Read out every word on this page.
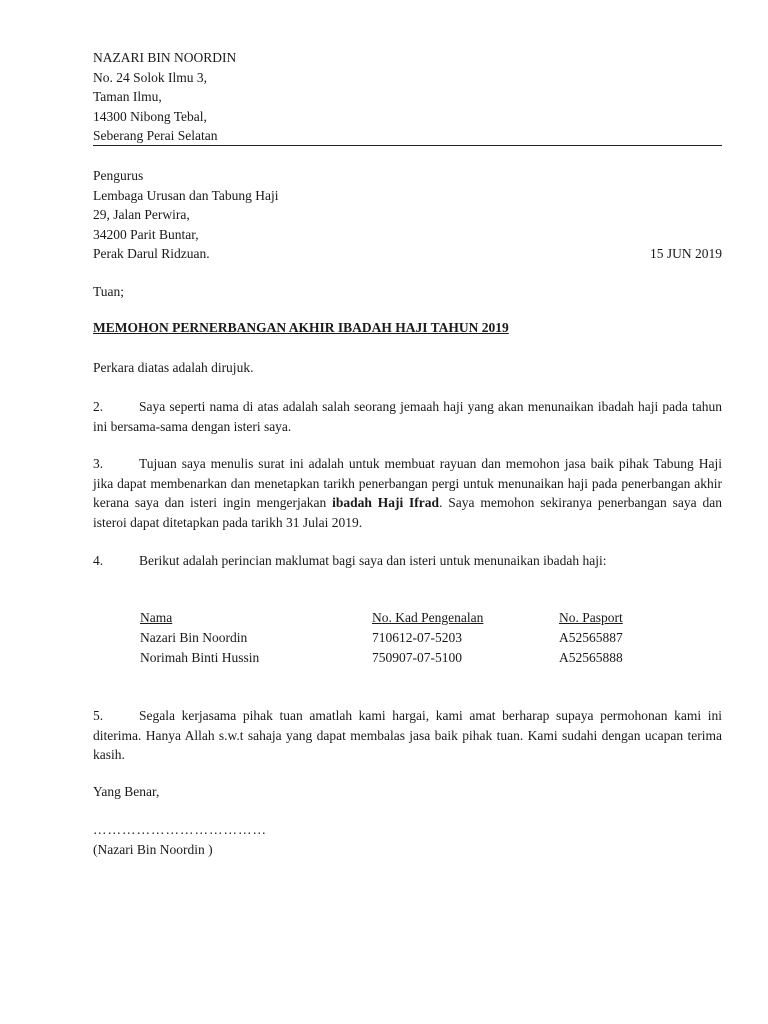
NAZARI BIN NOORDIN
No. 24 Solok Ilmu 3,
Taman Ilmu,
14300 Nibong Tebal,
Seberang Perai Selatan
Pengurus
Lembaga Urusan dan Tabung Haji
29, Jalan Perwira,
34200 Parit Buntar,
Perak Darul Ridzuan.	15 JUN 2019
Tuan;
MEMOHON PERNERBANGAN AKHIR IBADAH HAJI TAHUN 2019
Perkara diatas adalah dirujuk.
2.	Saya seperti nama di atas adalah salah seorang jemaah haji yang akan menunaikan ibadah haji pada tahun ini bersama-sama dengan isteri saya.
3.	Tujuan saya menulis surat ini adalah untuk membuat rayuan dan memohon jasa baik pihak Tabung Haji jika dapat membenarkan dan menetapkan tarikh penerbangan pergi untuk menunaikan haji pada penerbangan akhir kerana saya dan isteri ingin mengerjakan ibadah Haji Ifrad. Saya memohon sekiranya penerbangan saya dan isteroi dapat ditetapkan pada tarikh 31 Julai 2019.
4.	Berikut adalah perincian maklumat bagi saya dan isteri untuk menunaikan ibadah haji:
Nama	No. Kad Pengenalan	No. Pasport
Nazari Bin Noordin	710612-07-5203	A52565887
Norimah Binti Hussin	750907-07-5100	A52565888
5.	Segala kerjasama pihak tuan amatlah kami hargai, kami amat berharap supaya permohonan kami ini diterima. Hanya Allah s.w.t sahaja yang dapat membalas jasa baik pihak tuan. Kami sudahi dengan ucapan terima kasih.
Yang Benar,
………………………………
(Nazari Bin Noordin )
